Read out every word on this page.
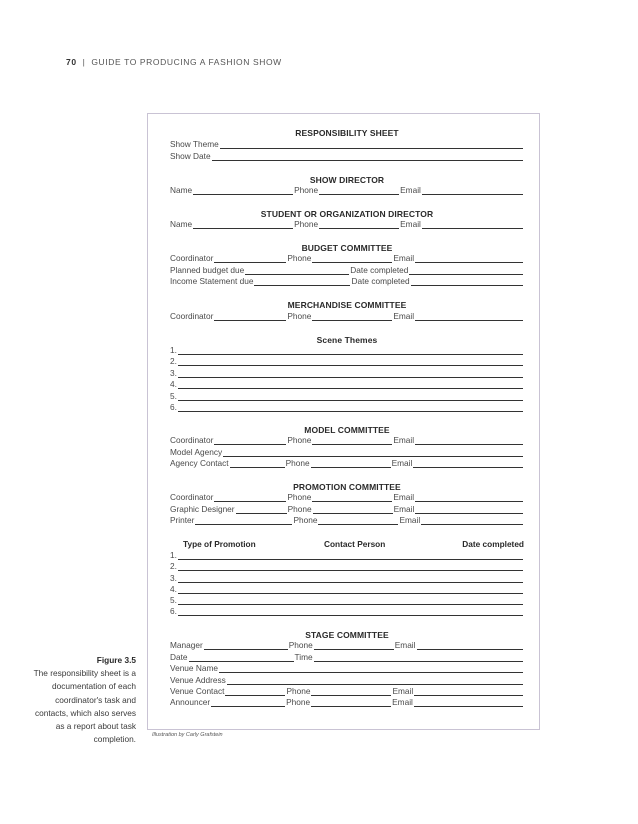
70 | GUIDE TO PRODUCING A FASHION SHOW
RESPONSIBILITY SHEET
Show Theme
Show Date
SHOW DIRECTOR
Name	Phone	Email
STUDENT OR ORGANIZATION DIRECTOR
Name	Phone	Email
BUDGET COMMITTEE
Coordinator	Phone	Email
Planned budget due	Date completed
Income Statement due	Date completed
MERCHANDISE COMMITTEE
Coordinator	Phone	Email
Scene Themes
1.
2.
3.
4.
5.
6.
MODEL COMMITTEE
Coordinator	Phone	Email
Model Agency
Agency Contact	Phone	Email
PROMOTION COMMITTEE
Coordinator	Phone	Email
Graphic Designer	Phone	Email
Printer	Phone	Email
Type of Promotion	Contact Person	Date completed
1.
2.
3.
4.
5.
6.
STAGE COMMITTEE
Manager	Phone	Email
Date	Time
Venue Name
Venue Address
Venue Contact	Phone	Email
Announcer	Phone	Email
Figure 3.5
The responsibility sheet is a documentation of each coordinator's task and contacts, which also serves as a report about task completion.	Illustration by Carly Grafstein
